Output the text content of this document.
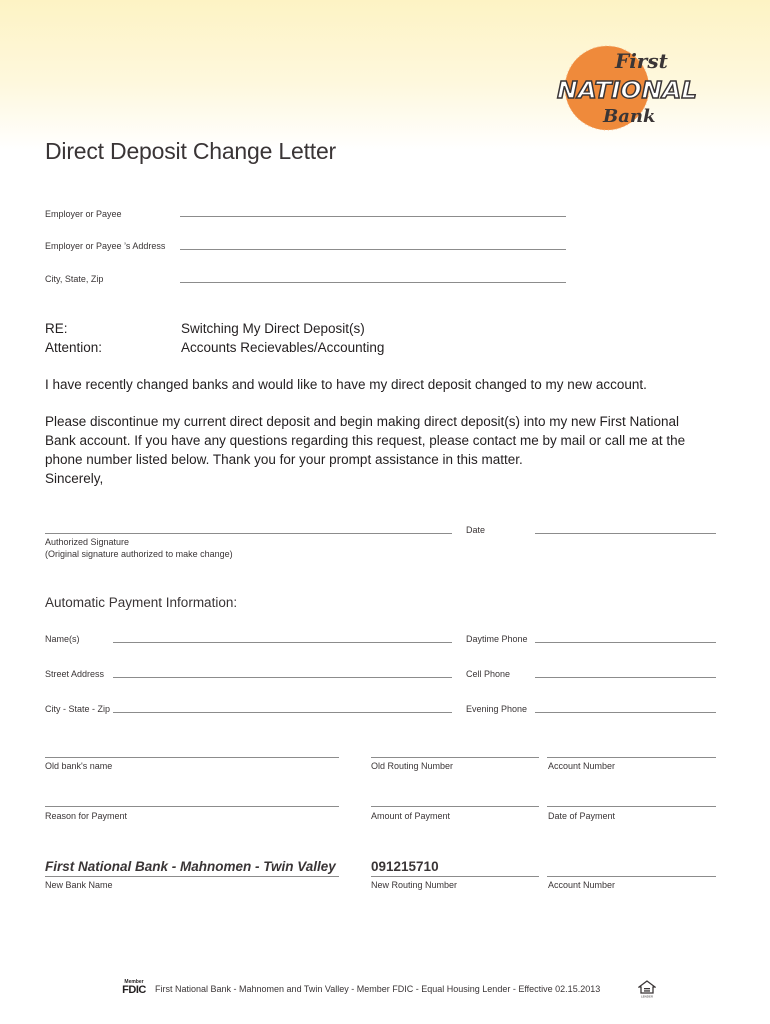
First
NATIONAL
Bank
Direct Deposit Change Letter
Employer or Payee
Employer or Payee ’s Address
City, State, Zip
RE:	Switching My Direct Deposit(s)
Attention:	Accounts Recievables/Accounting
I have recently changed banks and would like to have my direct deposit changed to my new account.
Please discontinue my current direct deposit and begin making direct deposit(s) into my new First National
Bank account. If you have any questions regarding this request, please contact me by mail or call me at the
phone number listed below. Thank you for your prompt assistance in this matter.
Sincerely,
Authorized Signature
(Original signature authorized to make change)
Date
Automatic Payment Information:
Name(s)	Daytime Phone
Street Address	Cell Phone
City - State - Zip	Evening Phone
Old bank's name	Old Routing Number	Account Number
Reason for Payment	Amount of Payment	Date of Payment
First National Bank - Mahnomen - Twin Valley	091215710
New Bank Name	New Routing Number	Account Number
Member
FDIC	First National Bank - Mahnomen and Twin Valley - Member FDIC - Equal Housing Lender - Effective 02.15.2013
LENDER
